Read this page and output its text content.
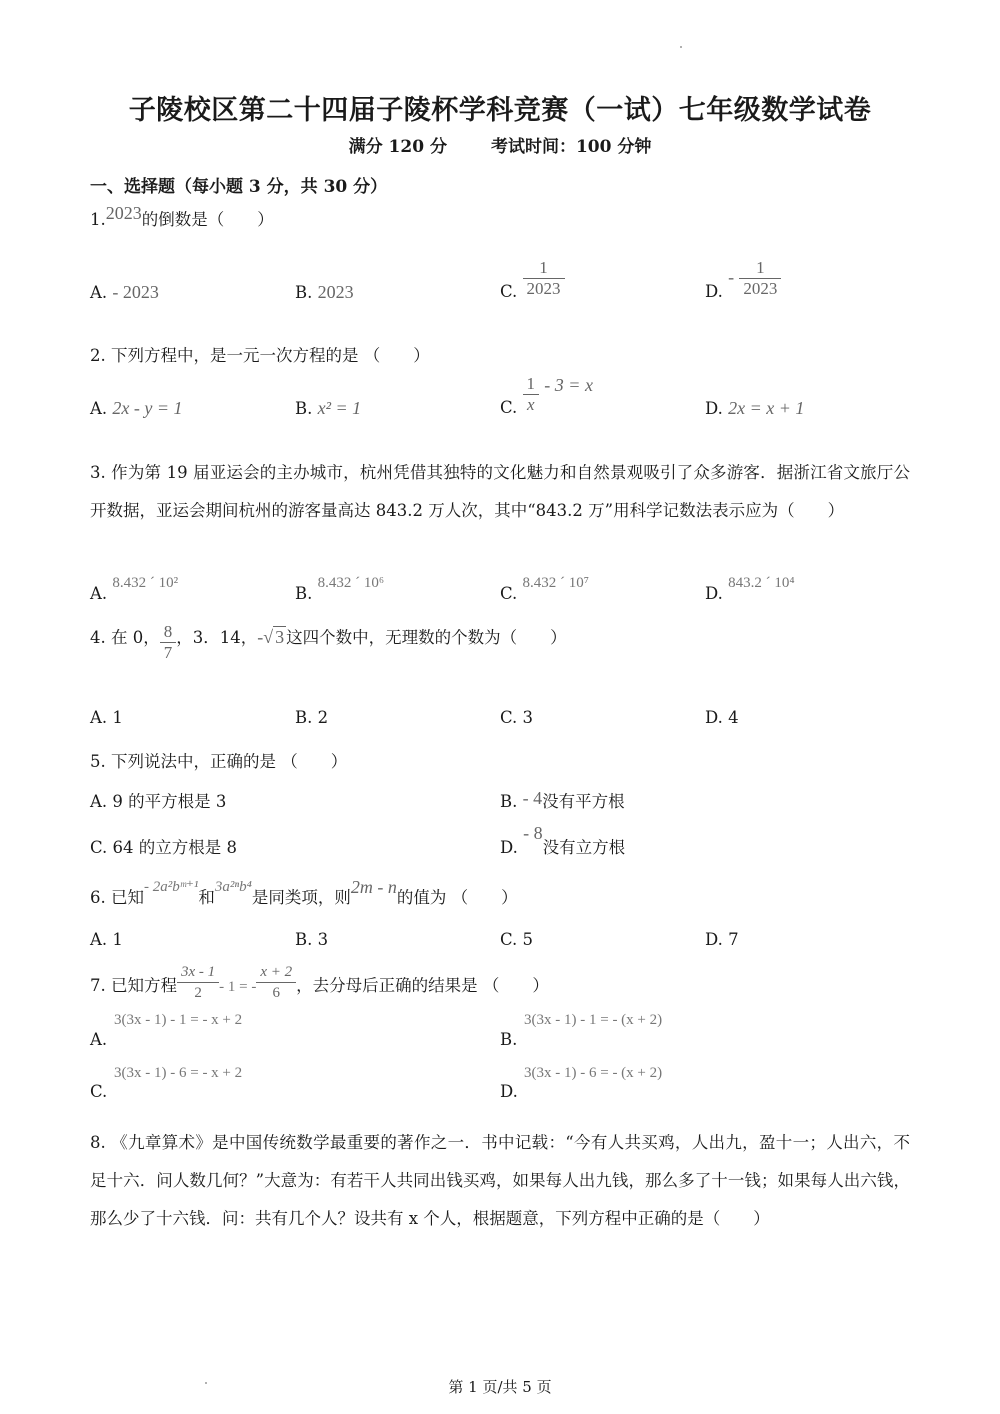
子陵校区第二十四届子陵杯学科竞赛（一试）七年级数学试卷
满分 120 分	考试时间：100 分钟
一、选择题（每小题 3 分，共 30 分）
1.2023的倒数是（　　）
A. - 2023	B. 2023	C. $\frac{1}{2023}$	D. - $\frac{1}{2023}$
2. 下列方程中，是一元一次方程的是 （　　）
A. 2x - y = 1	B. x² = 1	C. $\frac{1}{x} - 3 = x$
D. 2x = x + 1
3. 作为第 19 届亚运会的主办城市，杭州凭借其独特的文化魅力和自然景观吸引了众多游客．据浙江省文旅厅公开数据，亚运会期间杭州的游客量高达 843.2 万人次，其中“843.2 万”用科学记数法表示应为（　　）
A. 8.432 ´ 10²
B. 8.432 ´ 10⁶
C. 8.432 ´ 10⁷
D. 843.2 ´ 10⁴
4. 在 0， $\frac{8}{7}$ ，3．14，-√ 3 这四个数中，无理数的个数为（　　）
A. 1	B. 2	C. 3	D. 4
5. 下列说法中，正确的是 （　　）
A. 9 的平方根是 3	B. - 4没有平方根
C. 64 的立方根是 8	D. - 8没有立方根
6. 已知- 2a²bᵐ⁺¹和3a²ⁿb⁴是同类项，则2m - n的值为 （　　）
A. 1	B. 3	C. 5	D. 7
7. 已知方程 $\frac{3x - 1}{2} - 1$ = - $\frac{x + 2}{6}$ ，去分母后正确的结果是 （　　）
3(3x - 1) - 1 = - x + 2
A.
3(3x - 1) - 1 = - (x + 2)
B.
3(3x - 1) - 6 = - x + 2
C.
3(3x - 1) - 6 = - (x + 2)
D.
8. 《九章算术》是中国传统数学最重要的著作之一．书中记载：“今有人共买鸡，人出九，盈十一；人出六，不足十六．问人数几何？”大意为：有若干人共同出钱买鸡，如果每人出九钱，那么多了十一钱；如果每人出六钱，那么少了十六钱．问：共有几个人？设共有 x 个人，根据题意，下列方程中正确的是（　　）
第 1 页/共 5 页
